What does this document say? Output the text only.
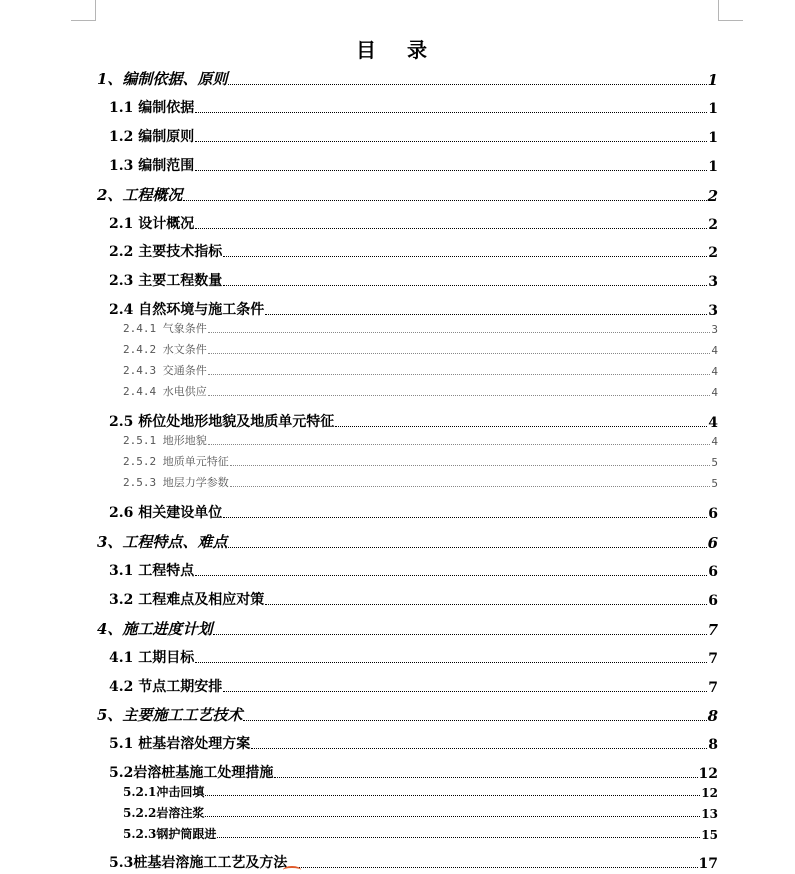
目 录
1、编制依据、原则	1
1.1 编制依据	1
1.2 编制原则	1
1.3 编制范围	1
2、工程概况	2
2.1 设计概况	2
2.2 主要技术指标	2
2.3 主要工程数量	3
2.4 自然环境与施工条件	3
2.4.1 气象条件	3
2.4.2 水文条件	4
2.4.3 交通条件	4
2.4.4 水电供应	4
2.5 桥位处地形地貌及地质单元特征	4
2.5.1 地形地貌	4
2.5.2 地质单元特征	5
2.5.3 地层力学参数	5
2.6 相关建设单位	6
3、工程特点、难点	6
3.1 工程特点	6
3.2 工程难点及相应对策	6
4、施工进度计划	7
4.1 工期目标	7
4.2 节点工期安排	7
5、主要施工工艺技术	8
5.1 桩基岩溶处理方案	8
5.2岩溶桩基施工处理措施	12
5.2.1冲击回填	12
5.2.2岩溶注浆	13
5.2.3钢护筒跟进	15
5.3桩基岩溶施工工艺及方法	17
